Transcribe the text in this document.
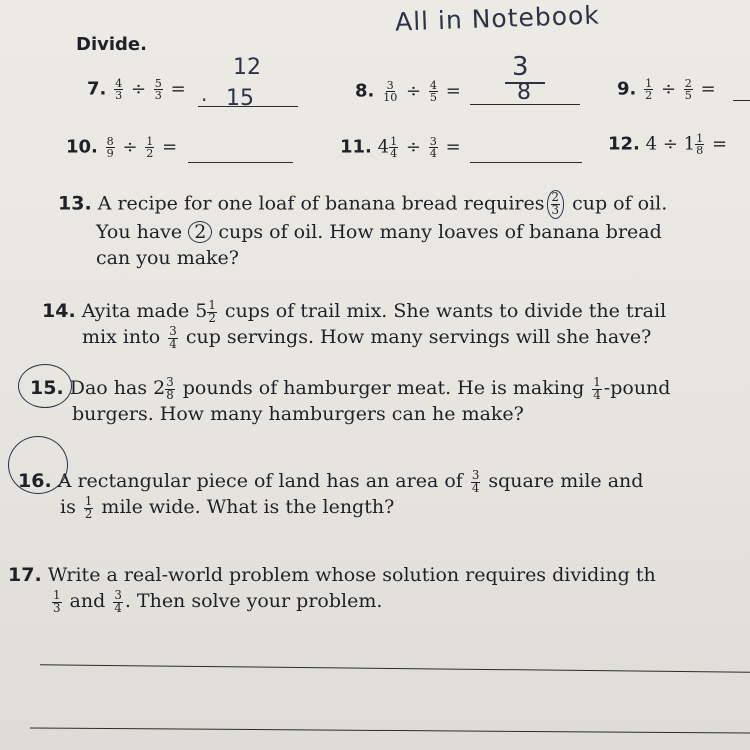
Divide.
All in Notebook
7. $\frac{4}{3} \div \frac{5}{3}$ =
12
. 15	8. $\frac{3}{10} \div \frac{4}{5}$ =
3
8	9. $\frac{1}{2} \div \frac{2}{5}$ =
10. $\frac{8}{9} \div \frac{1}{2}$ =	11. $4 \frac{1}{4} \div \frac{3}{4}$ =	12. $4 \div 1 \frac{1}{8}$ =
13. A recipe for one loaf of banana bread requires $\frac{2}{3}$ cup of oil.
You have 2 cups of oil. How many loaves of banana bread
can you make?
14. Ayita made $5 \frac{1}{2}$ cups of trail mix. She wants to divide the trail
mix into $\frac{3}{4}$ cup servings. How many servings will she have?
15. Dao has $2 \frac{3}{8}$ pounds of hamburger meat. He is making $\frac{1}{4}$ -pound
burgers. How many hamburgers can he make?
16. A rectangular piece of land has an area of $\frac{3}{4}$ square mile and
is $\frac{1}{2}$ mile wide. What is the length?
17. Write a real-world problem whose solution requires dividing th
$\frac{1}{3}$ and $\frac{3}{4}$ . Then solve your problem.
